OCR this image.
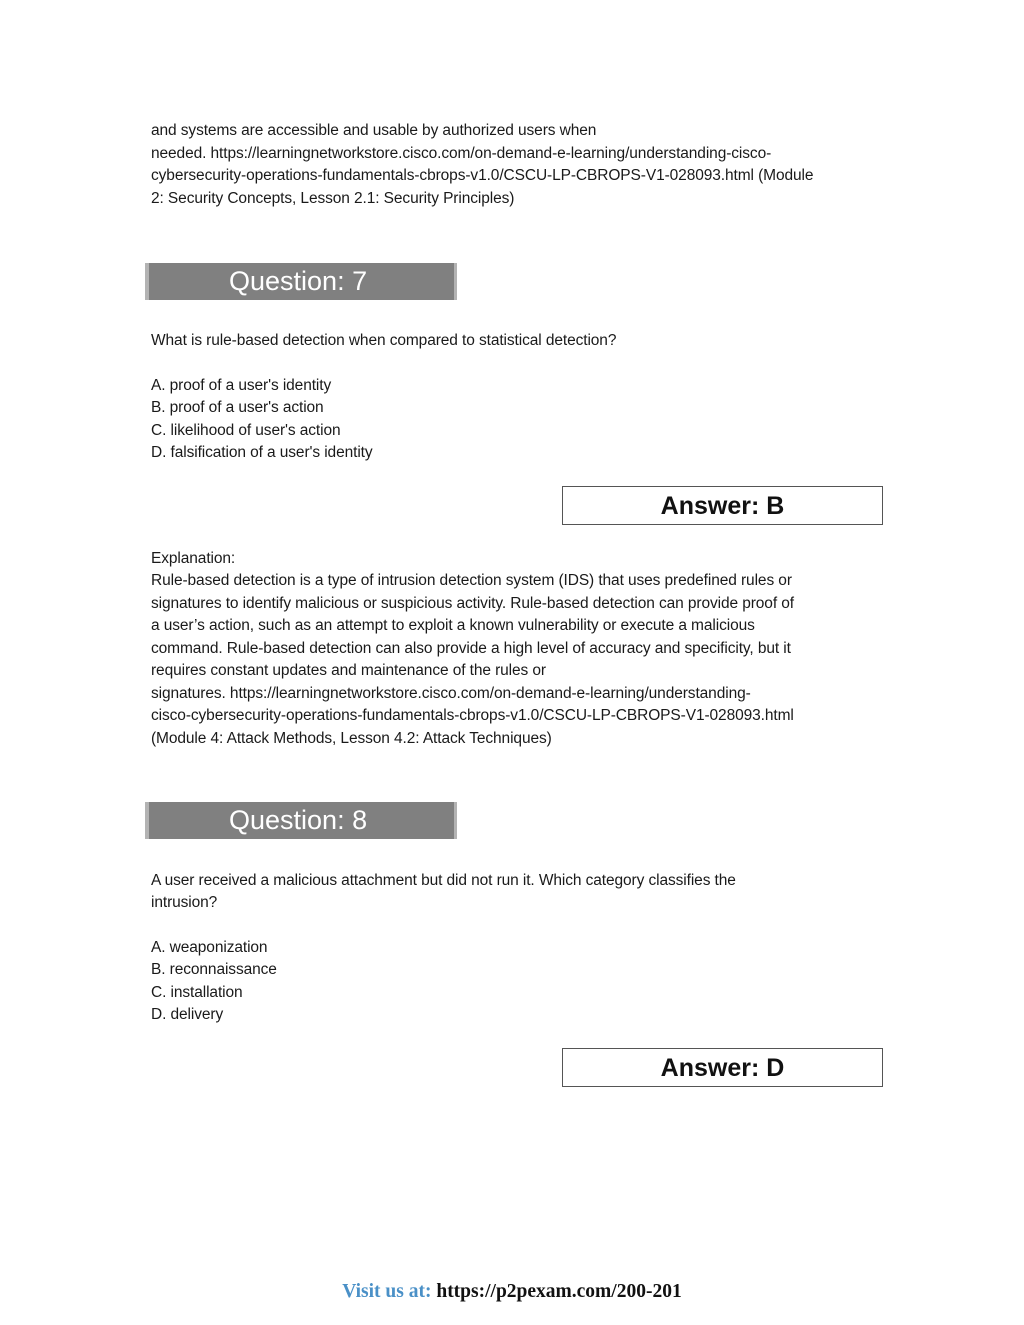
and systems are accessible and usable by authorized users when
needed. https://learningnetworkstore.cisco.com/on-demand-e-learning/understanding-cisco-
cybersecurity-operations-fundamentals-cbrops-v1.0/CSCU-LP-CBROPS-V1-028093.html (Module
2: Security Concepts, Lesson 2.1: Security Principles)
Question: 7
What is rule-based detection when compared to statistical detection?
A. proof of a user's identity
B. proof of a user's action
C. likelihood of user's action
D. falsification of a user's identity
Answer: B
Explanation:
Rule-based detection is a type of intrusion detection system (IDS) that uses predefined rules or
signatures to identify malicious or suspicious activity. Rule-based detection can provide proof of
a user’s action, such as an attempt to exploit a known vulnerability or execute a malicious
command. Rule-based detection can also provide a high level of accuracy and specificity, but it
requires constant updates and maintenance of the rules or
signatures. https://learningnetworkstore.cisco.com/on-demand-e-learning/understanding-
cisco-cybersecurity-operations-fundamentals-cbrops-v1.0/CSCU-LP-CBROPS-V1-028093.html
(Module 4: Attack Methods, Lesson 4.2: Attack Techniques)
Question: 8
A user received a malicious attachment but did not run it. Which category classifies the
intrusion?
A. weaponization
B. reconnaissance
C. installation
D. delivery
Answer: D
Visit us at: https://p2pexam.com/200-201
